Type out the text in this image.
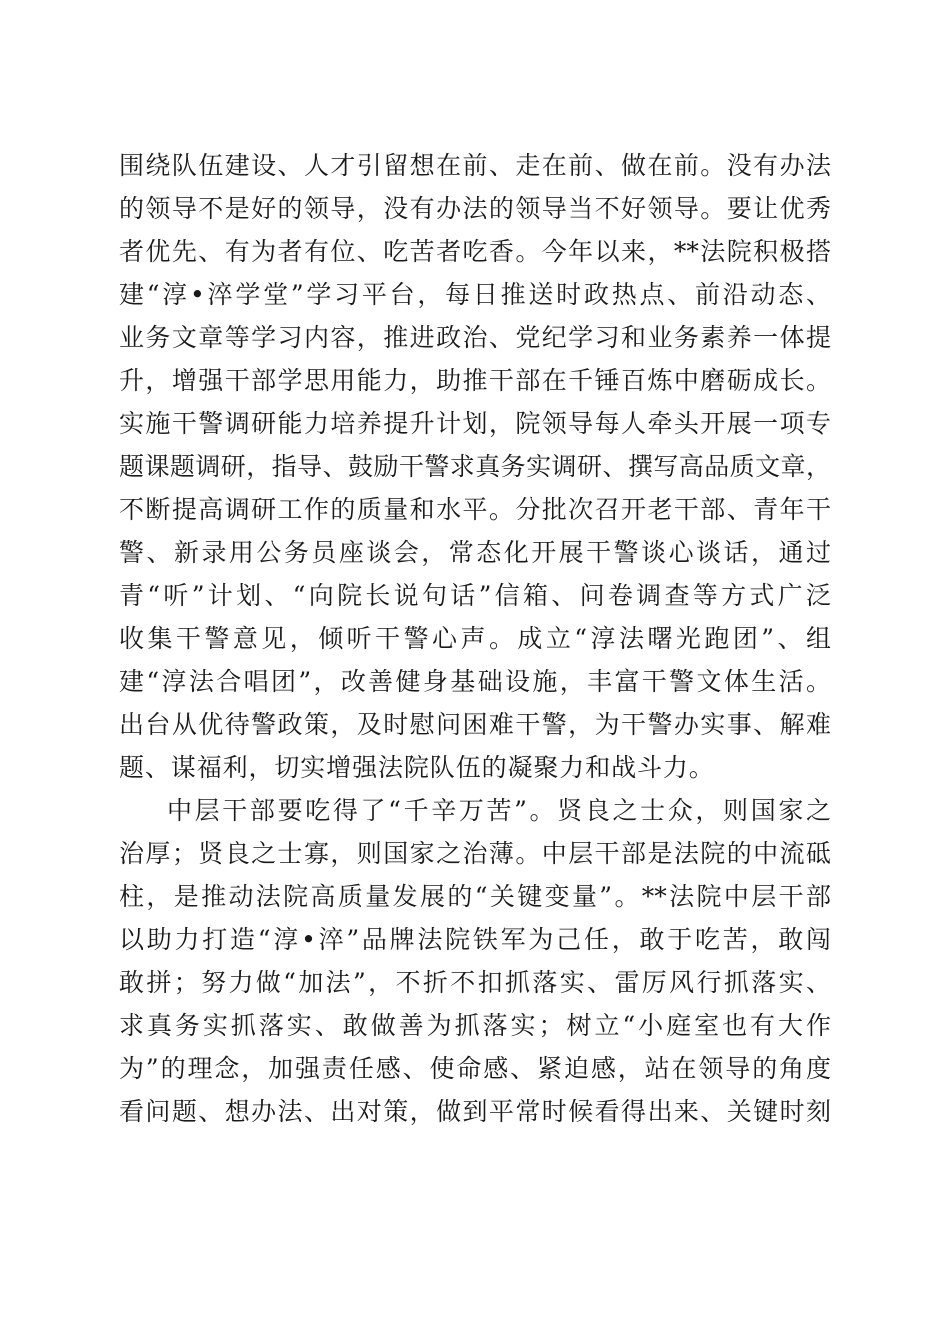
围绕队伍建设、人才引留想在前、走在前、做在前。没有办法
的领导不是好的领导，没有办法的领导当不好领导。要让优秀
者优先、有为者有位、吃苦者吃香。今年以来，**法院积极搭
建“淳•淬学堂”学习平台，每日推送时政热点、前沿动态、
业务文章等学习内容，推进政治、党纪学习和业务素养一体提
升，增强干部学思用能力，助推干部在千锤百炼中磨砺成长。
实施干警调研能力培养提升计划，院领导每人牵头开展一项专
题课题调研，指导、鼓励干警求真务实调研、撰写高品质文章，
不断提高调研工作的质量和水平。分批次召开老干部、青年干
警、新录用公务员座谈会，常态化开展干警谈心谈话，通过
青“听”计划、“向院长说句话”信箱、问卷调查等方式广泛
收集干警意见，倾听干警心声。成立“淳法曙光跑团”、组
建“淳法合唱团”，改善健身基础设施，丰富干警文体生活。
出台从优待警政策，及时慰问困难干警，为干警办实事、解难
题、谋福利，切实增强法院队伍的凝聚力和战斗力。
中层干部要吃得了“千辛万苦”。贤良之士众，则国家之
治厚；贤良之士寡，则国家之治薄。中层干部是法院的中流砥
柱，是推动法院高质量发展的“关键变量”。**法院中层干部
以助力打造“淳•淬”品牌法院铁军为己任，敢于吃苦，敢闯
敢拼；努力做“加法”，不折不扣抓落实、雷厉风行抓落实、
求真务实抓落实、敢做善为抓落实；树立“小庭室也有大作
为”的理念，加强责任感、使命感、紧迫感，站在领导的角度
看问题、想办法、出对策，做到平常时候看得出来、关键时刻
